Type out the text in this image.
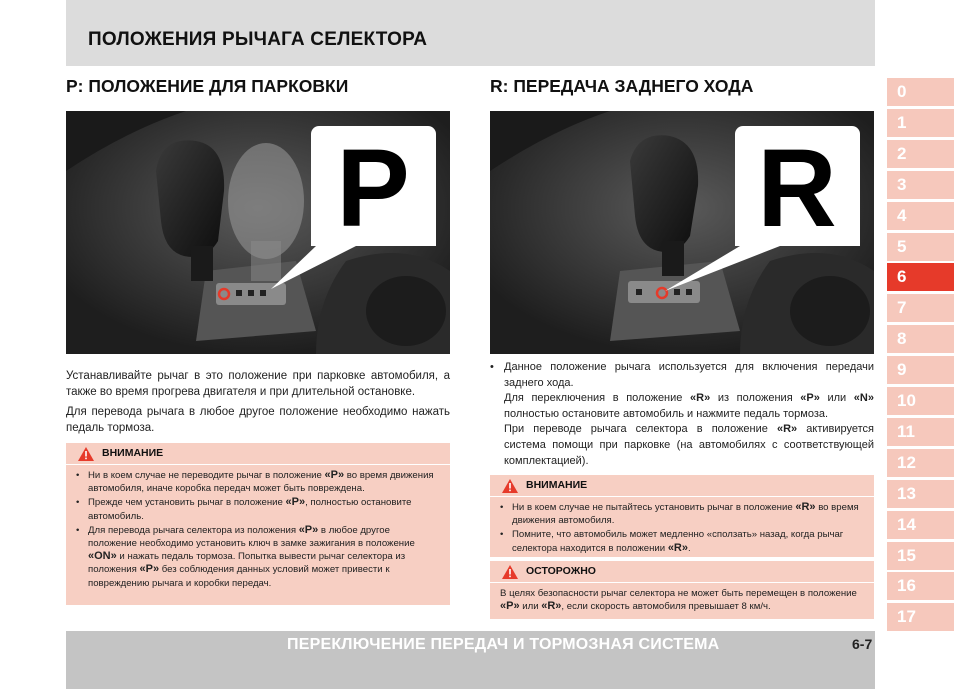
ПОЛОЖЕНИЯ РЫЧАГА СЕЛЕКТОРА
P: ПОЛОЖЕНИЕ ДЛЯ ПАРКОВКИ
P

Устанавливайте рычаг в это положение при парковке автомобиля, а также во время прогрева двигателя и при длительной остановке.

Для перевода рычага в любое другое положение необходимо нажать педаль тормоза.

ВНИМАНИЕ
• Ни в коем случае не переводите рычаг в положение «P» во время движения автомобиля, иначе коробка передач может быть повреждена.
• Прежде чем установить рычаг в положение «P», полностью остановите автомобиль.
• Для перевода рычага селектора из положения «P» в любое другое положение необходимо установить ключ в замке зажигания в положение «ON» и нажать педаль тормоза. Попытка вывести рычаг селектора из положения «P» без соблюдения данных условий может привести к повреждению рычага и коробки передач.
R: ПЕРЕДАЧА ЗАДНЕГО ХОДА
R
• Данное положение рычага используется для включения передачи заднего хода.
Для переключения в положение «R» из положения «P» или «N» полностью остановите автомобиль и нажмите педаль тормоза.
При переводе рычага селектора в положение «R» активируется система помощи при парковке (на автомобилях с соответствующей комплектацией).
ВНИМАНИЕ
• Ни в коем случае не пытайтесь установить рычаг в положение «R» во время движения автомобиля.
• Помните, что автомобиль может медленно «сползать» назад, когда рычаг селектора находится в положении «R».
ОСТОРОЖНО
В целях безопасности рычаг селектора не может быть перемещен в положение «P» или «R», если скорость автомобиля превышает 8 км/ч.
ПЕРЕКЛЮЧЕНИЕ ПЕРЕДАЧ И ТОРМОЗНАЯ СИСТЕМА	6-7
0
1
2
3
4
5
6
7
8
9
10
11
12
13
14
15
16
17
